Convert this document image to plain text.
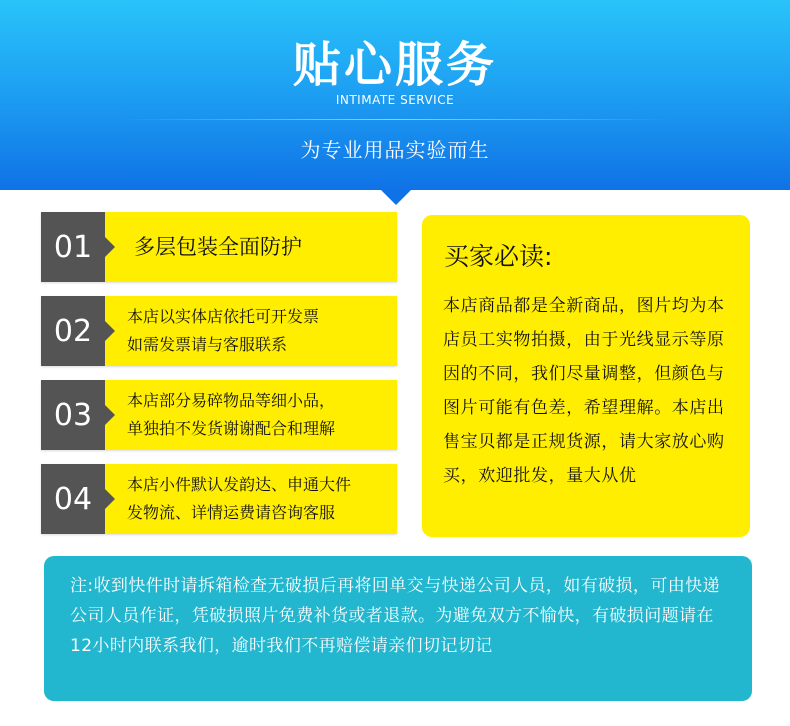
贴心服务
INTIMATE SERVICE
为专业用品实验而生
01	多层包装全面防护
02	本店以实体店依托可开发票
如需发票请与客服联系
03	本店部分易碎物品等细小品，
单独拍不发货谢谢配合和理解
04	本店小件默认发韵达、申通大件
发物流、详情运费请咨询客服
买家必读:
本店商品都是全新商品，图片均为本店员工实物拍摄，由于光线显示等原因的不同，我们尽量调整，但颜色与图片可能有色差，希望理解。本店出售宝贝都是正规货源，请大家放心购买，欢迎批发，量大从优
注:收到快件时请拆箱检查无破损后再将回单交与快递公司人员，如有破损，可由快递公司人员作证，凭破损照片免费补货或者退款。为避免双方不愉快，有破损问题请在12小时内联系我们，逾时我们不再赔偿请亲们切记切记
